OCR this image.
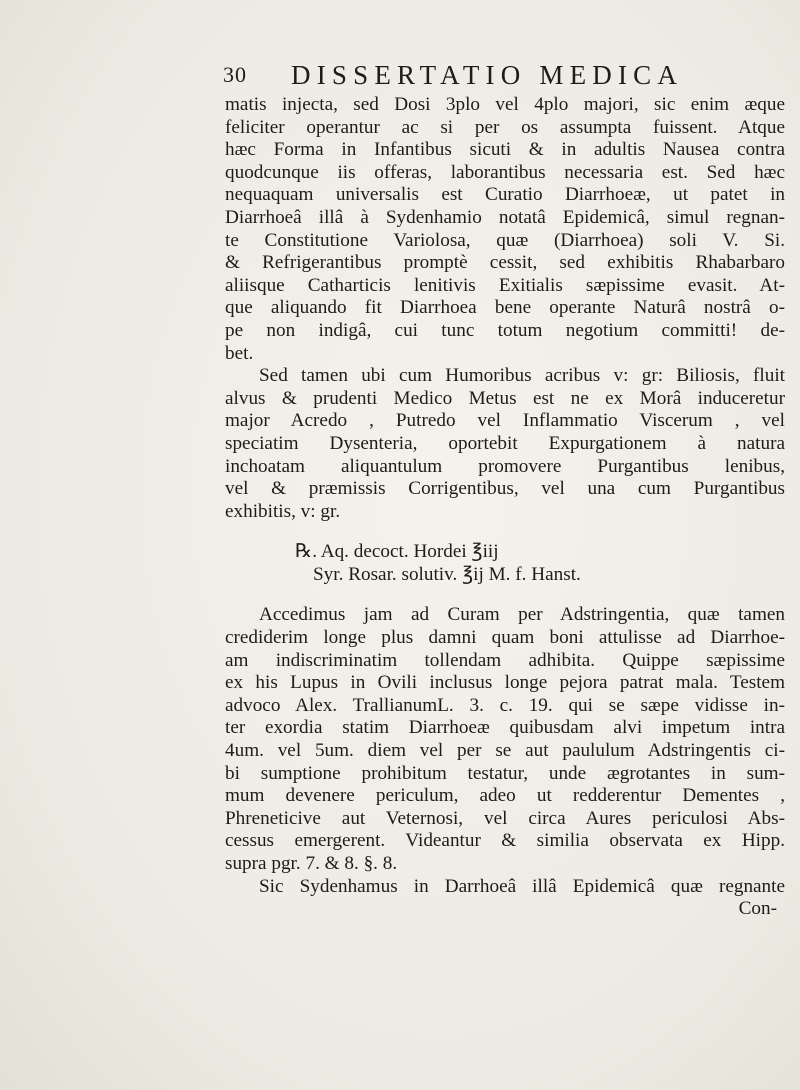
30 DISSERTATIO MEDICA
matis injecta, sed Dosi 3plo vel 4plo majori, sic enim æque
feliciter operantur ac si per os assumpta fuissent. Atque
hæc Forma in Infantibus sicuti & in adultis Nausea contra
quodcunque iis offeras, laborantibus necessaria est. Sed hæc
nequaquam universalis est Curatio Diarrhoeæ, ut patet in
Diarrhoeâ illâ à Sydenhamio notatâ Epidemicâ, simul regnan-
te Constitutione Variolosa, quæ (Diarrhoea) soli V. Si.
& Refrigerantibus promptè cessit, sed exhibitis Rhabarbaro
aliisque Catharticis lenitivis Exitialis sæpissime evasit. At-
que aliquando fit Diarrhoea bene operante Naturâ nostrâ o-
pe non indigâ, cui tunc totum negotium committi! de-
bet.
Sed tamen ubi cum Humoribus acribus v: gr: Biliosis, fluit
alvus & prudenti Medico Metus est ne ex Morâ induceretur
major Acredo , Putredo vel Inflammatio Viscerum , vel
speciatim Dysenteria, oportebit Expurgationem à natura
inchoatam aliquantulum promovere Purgantibus lenibus,
vel & præmissis Corrigentibus, vel una cum Purgantibus
exhibitis, v: gr.
℞. Aq. decoct. Hordei ℥iij
Syr. Rosar. solutiv. ℥ij M. f. Hanst.
Accedimus jam ad Curam per Adstringentia, quæ tamen
crediderim longe plus damni quam boni attulisse ad Diarrhoe-
am indiscriminatim tollendam adhibita. Quippe sæpissime
ex his Lupus in Ovili inclusus longe pejora patrat mala. Testem
advoco Alex. TrallianumL. 3. c. 19. qui se sæpe vidisse in-
ter exordia statim Diarrhoeæ quibusdam alvi impetum intra
4um. vel 5um. diem vel per se aut paululum Adstringentis ci-
bi sumptione prohibitum testatur, unde ægrotantes in sum-
mum devenere periculum, adeo ut redderentur Dementes ,
Phreneticive aut Veternosi, vel circa Aures periculosi Abs-
cessus emergerent. Videantur & similia observata ex Hipp.
supra pgr. 7. & 8. §. 8.
Sic Sydenhamus in Darrhoeâ illâ Epidemicâ quæ regnante
Con-
